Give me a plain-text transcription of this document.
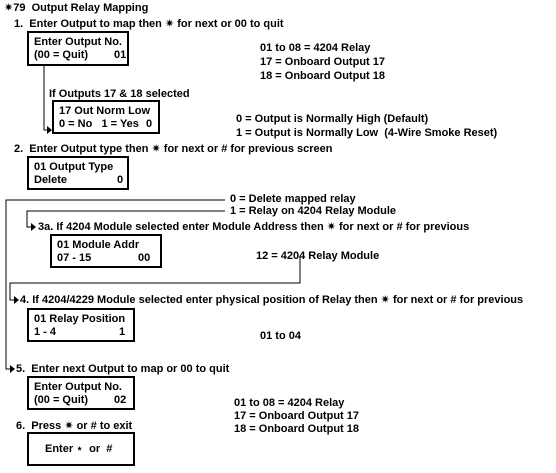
✷79  Output Relay Mapping
1.  Enter Output to map then ✷ for next or 00 to quit
Enter Output No.
(00 = Quit) 01
01 to 08 = 4204 Relay
17 = Onboard Output 17
18 = Onboard Output 18
If Outputs 17 & 18 selected
17 Out Norm Low
0 = No   1 = Yes 0	0 = Output is Normally High (Default)
1 = Output is Normally Low  (4-Wire Smoke Reset)
2.  Enter Output type then ✷ for next or # for previous screen
01 Output Type
Delete	0
0 = Delete mapped relay
1 = Relay on 4204 Relay Module
3a. If 4204 Module selected enter Module Address then ✷ for next or # for previous
01 Module Addr
07 - 15	00	12 = 4204 Relay Module
4. If 4204/4229 Module selected enter physical position of Relay then ✷ for next or # for previous
01 Relay Position
1 - 4	1	01 to 04
5.  Enter next Output to map or 00 to quit
Enter Output No.
(00 = Quit) 02	01 to 08 = 4204 Relay
17 = Onboard Output 17
18 = Onboard Output 18
6.  Press ✷ or # to exit
Enter ⋆  or  #
